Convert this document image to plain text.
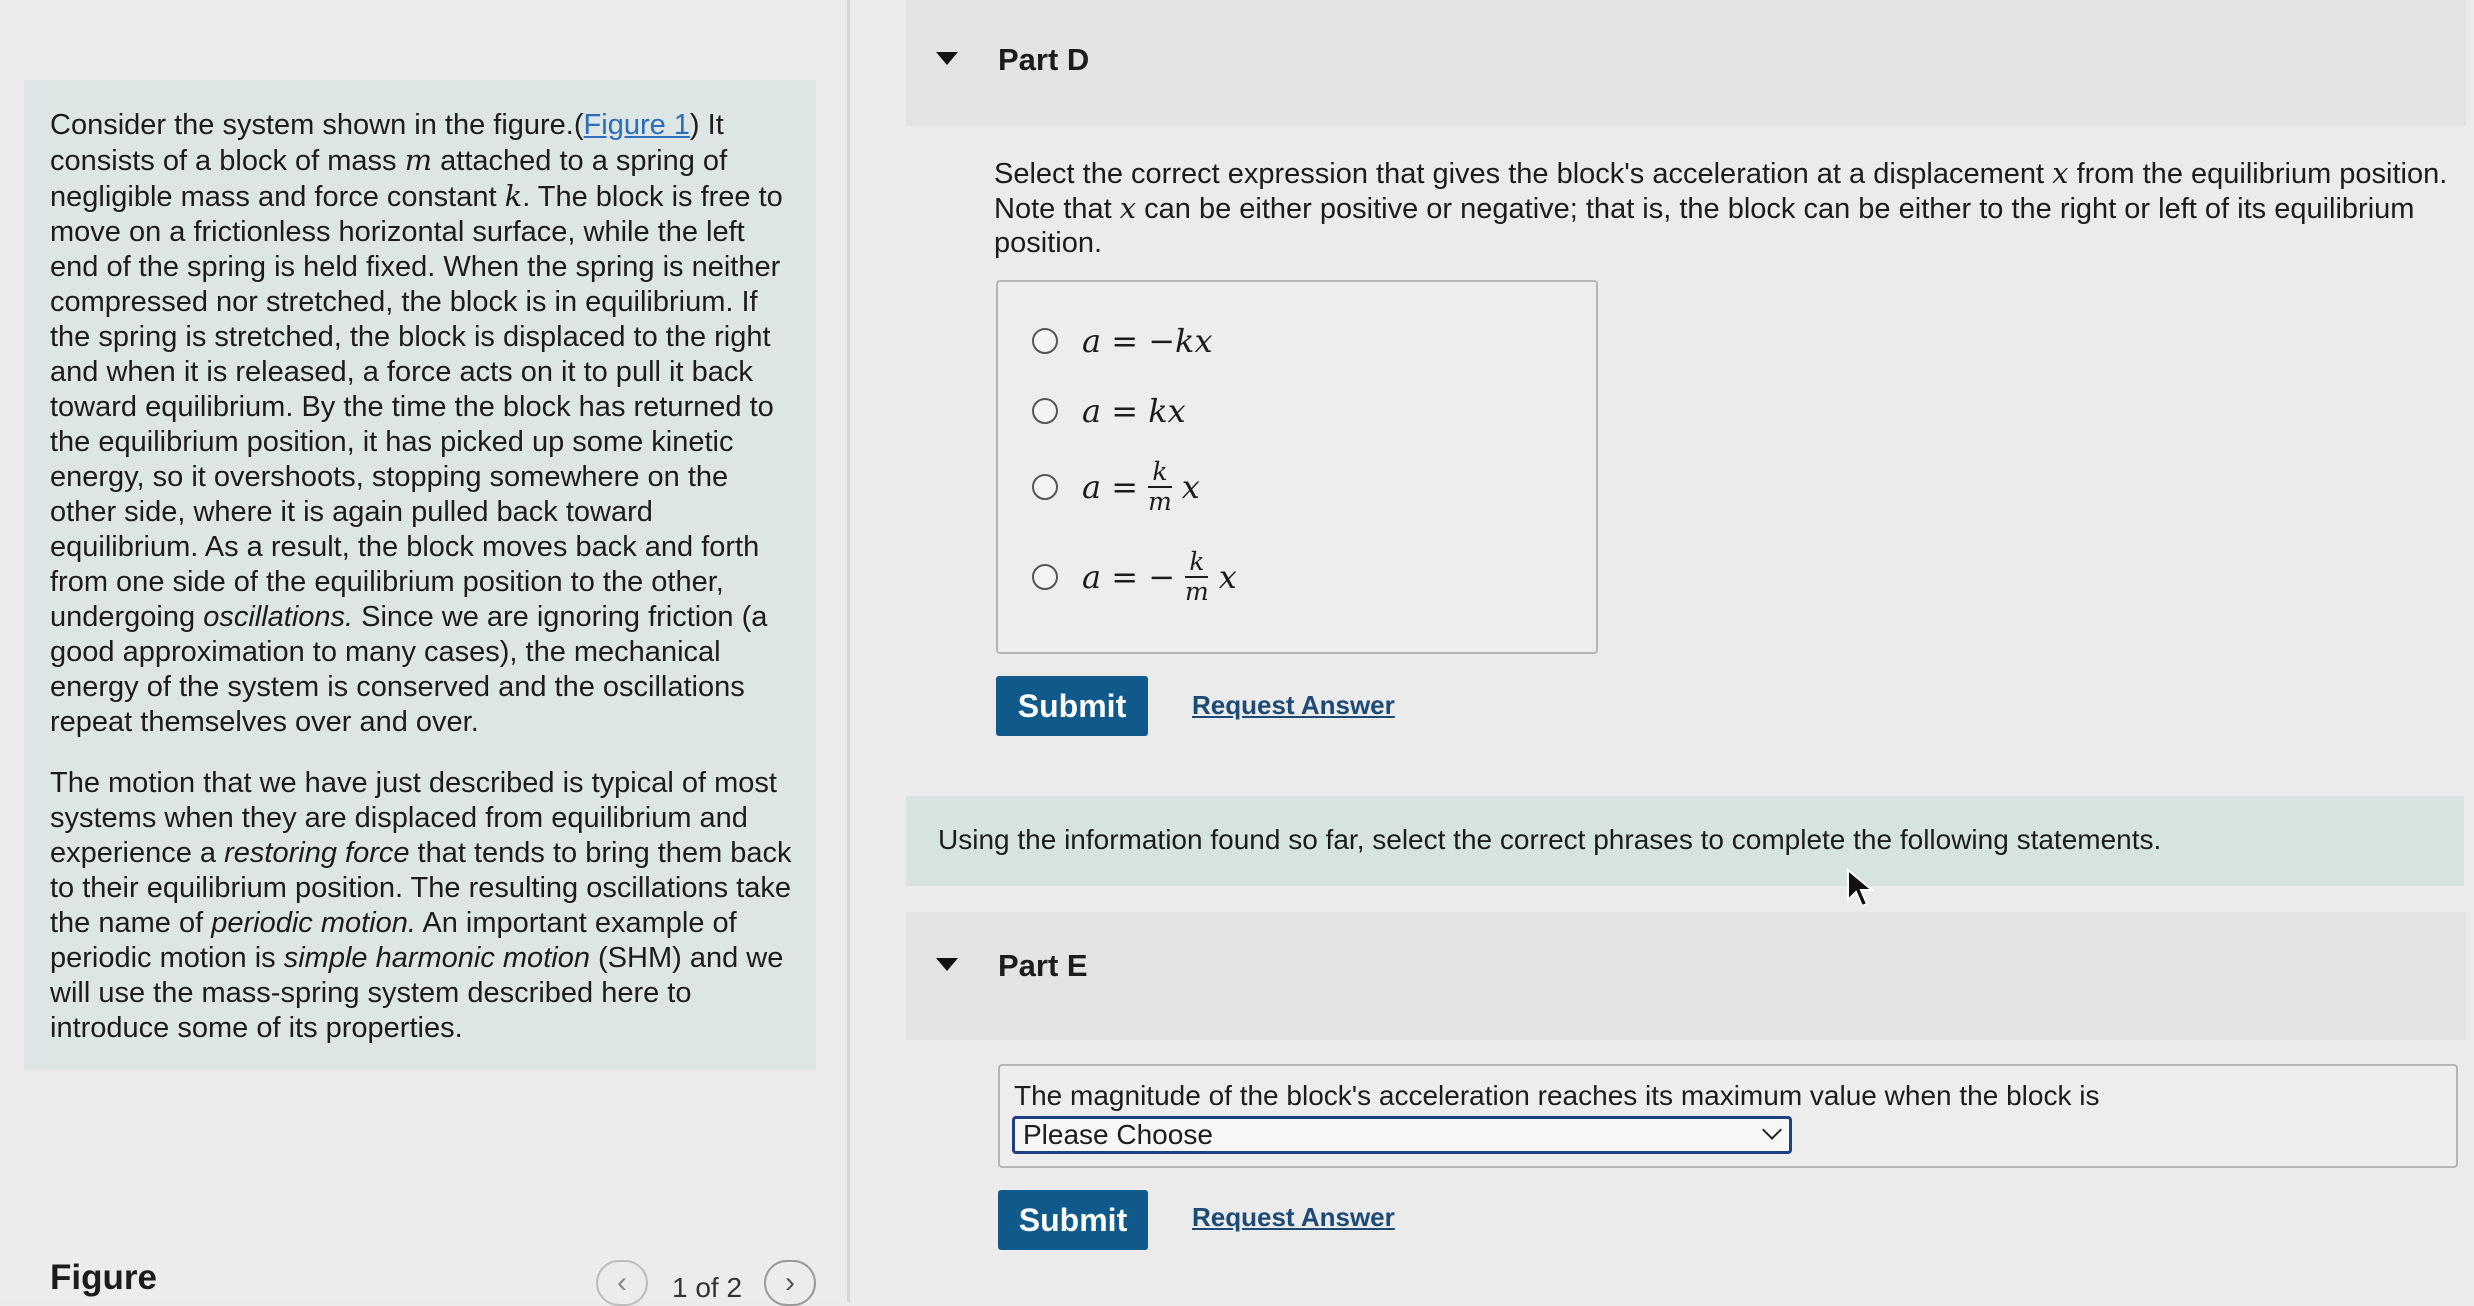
Consider the system shown in the figure.(Figure 1) It consists of a block of mass m attached to a spring of negligible mass and force constant k. The block is free to move on a frictionless horizontal surface, while the left end of the spring is held fixed. When the spring is neither compressed nor stretched, the block is in equilibrium. If the spring is stretched, the block is displaced to the right and when it is released, a force acts on it to pull it back toward equilibrium. By the time the block has returned to the equilibrium position, it has picked up some kinetic energy, so it overshoots, stopping somewhere on the other side, where it is again pulled back toward equilibrium. As a result, the block moves back and forth from one side of the equilibrium position to the other, undergoing oscillations. Since we are ignoring friction (a good approximation to many cases), the mechanical energy of the system is conserved and the oscillations repeat themselves over and over.

The motion that we have just described is typical of most systems when they are displaced from equilibrium and experience a restoring force that tends to bring them back to their equilibrium position. The resulting oscillations take the name of periodic motion. An important example of periodic motion is simple harmonic motion (SHM) and we will use the mass-spring system described here to introduce some of its properties.

Figure	‹ 1 of 2 ›
Part D

Select the correct expression that gives the block's acceleration at a displacement x from the equilibrium position. Note that x can be either positive or negative; that is, the block can be either to the right or left of its equilibrium position.

a
=
−kx
a
=
kx
a
= $\frac{k}{m}$ x
a
=
− $\frac{k}{m}$ x
Submit	Request Answer
Using the information found so far, select the correct phrases to complete the following statements.
Part E
The magnitude of the block's acceleration reaches its maximum value when the block is
Please Choose
Submit	Request Answer
